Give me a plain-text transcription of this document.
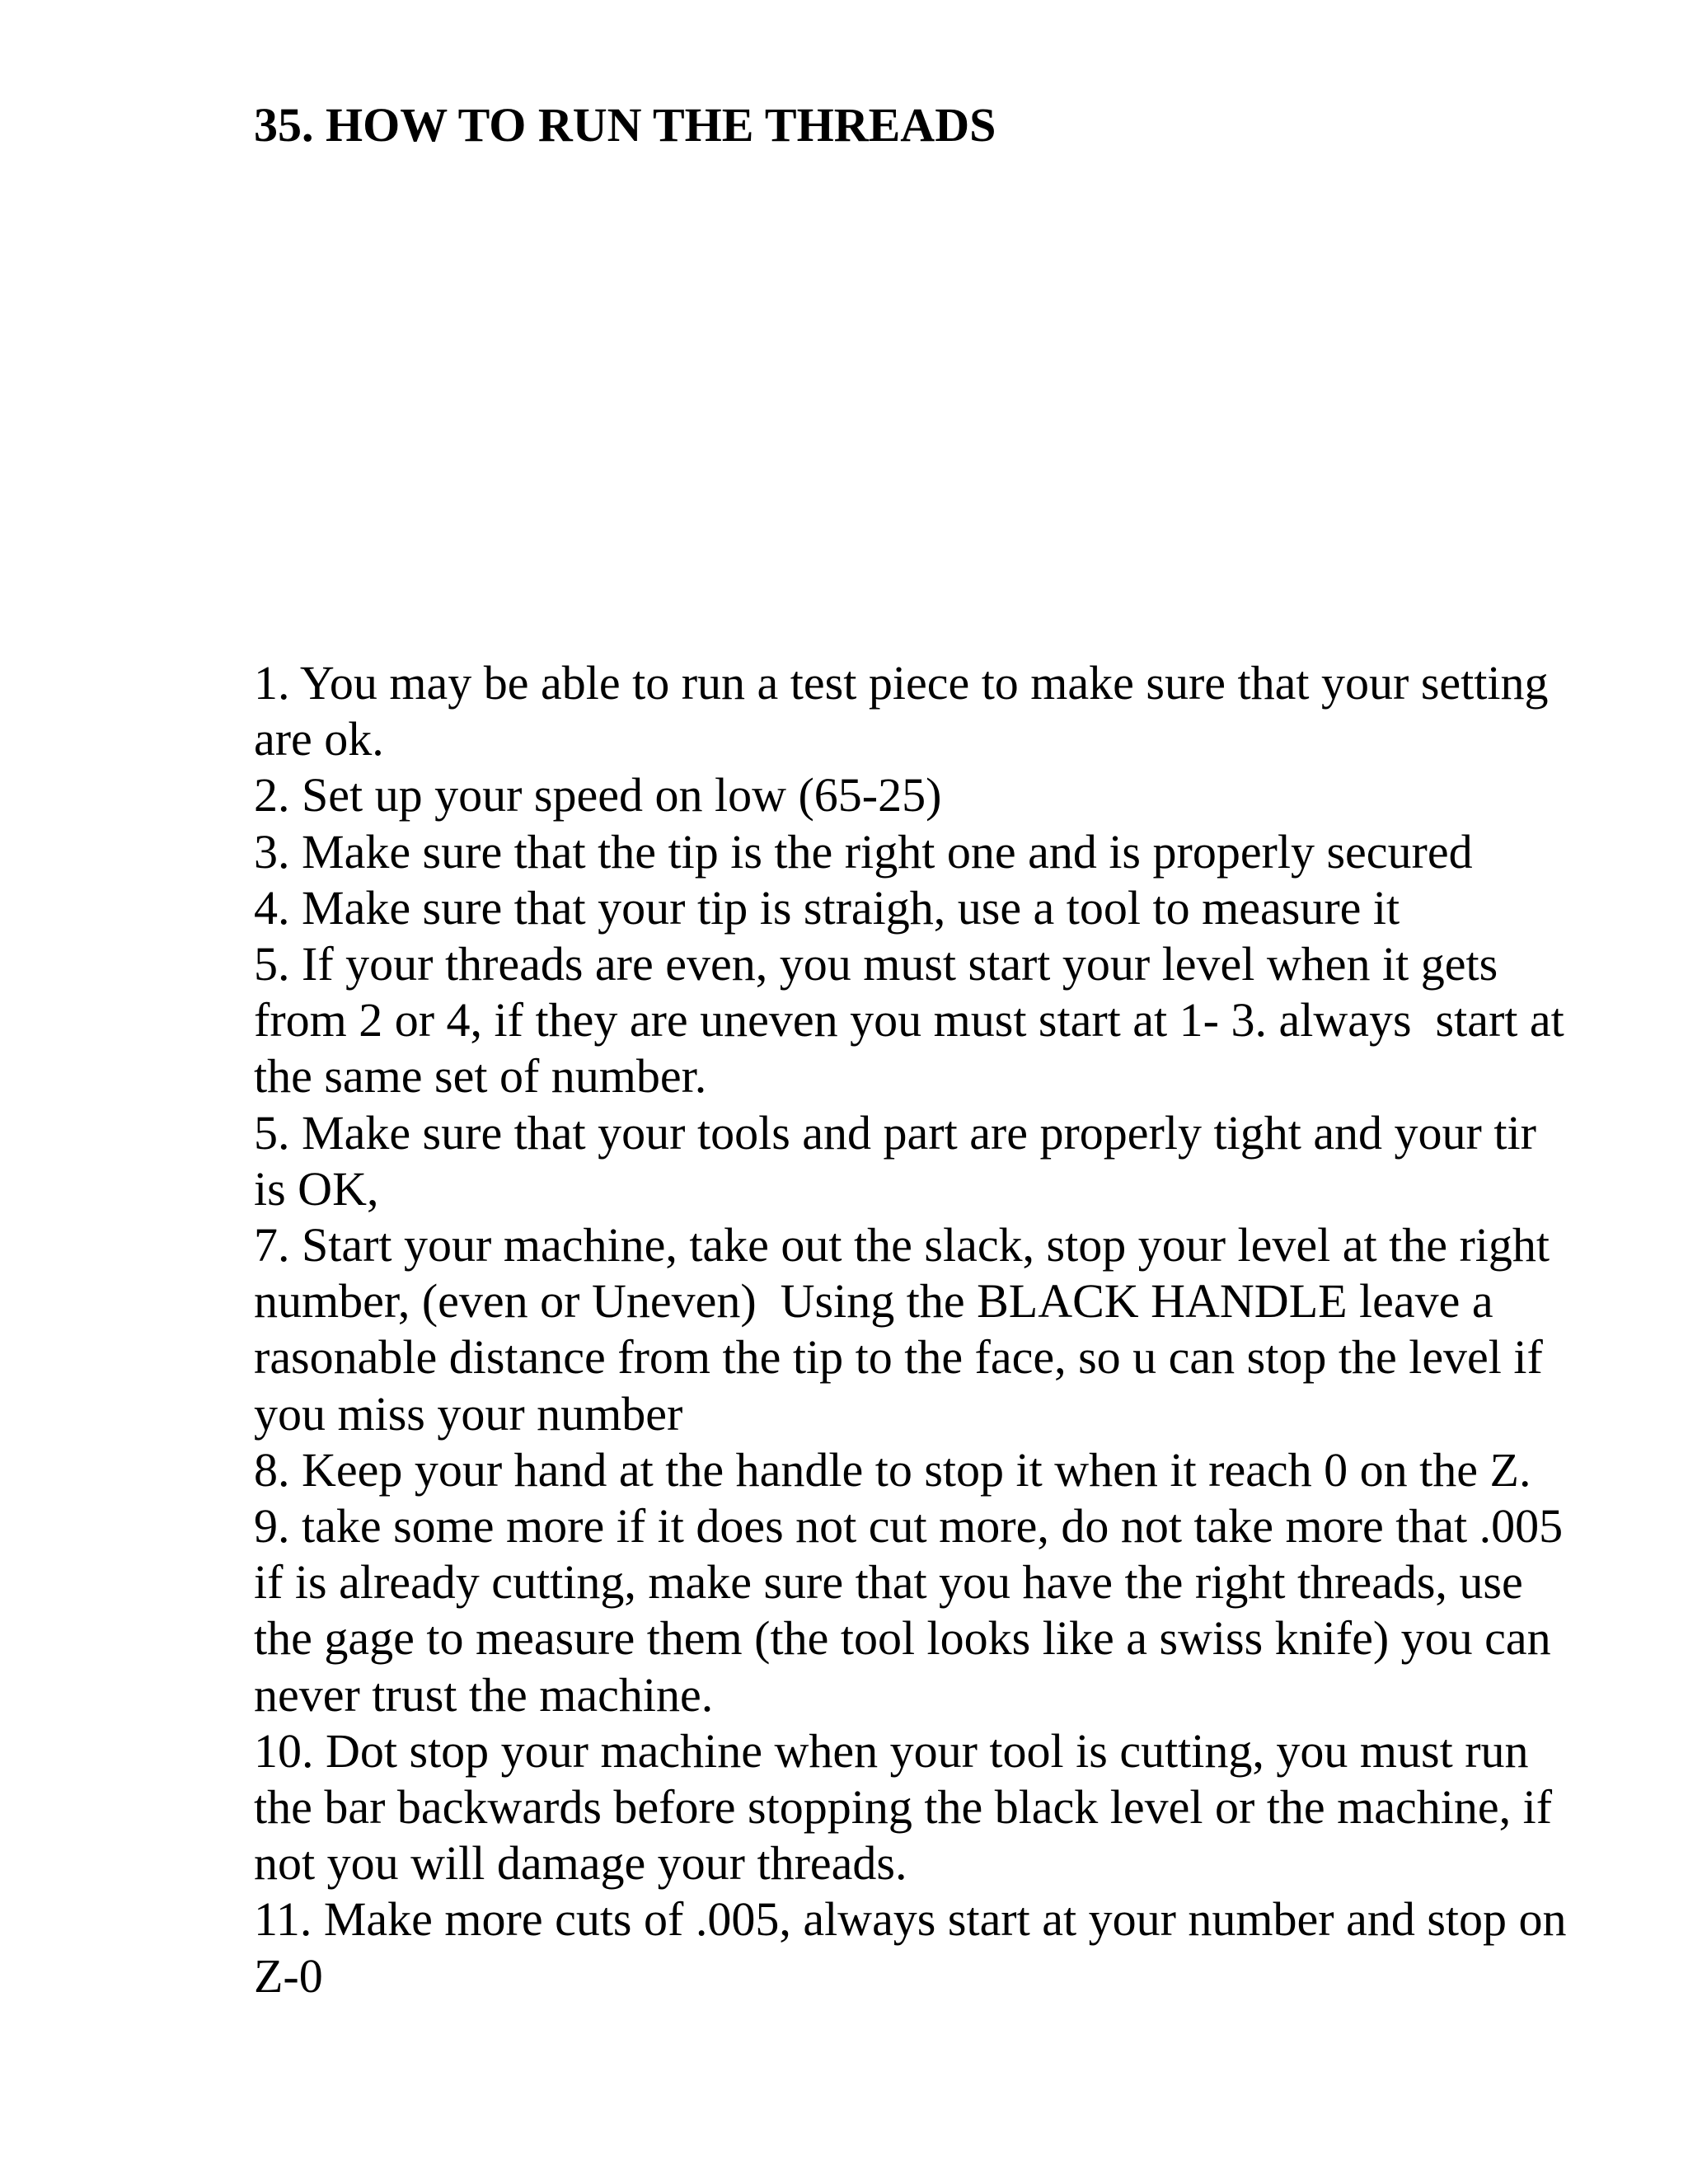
35. HOW TO RUN THE THREADS
1. You may be able to run a test piece to make sure that your setting
are ok.
2. Set up your speed on low (65-25)
3. Make sure that the tip is the right one and is properly secured
4. Make sure that your tip is straigh, use a tool to measure it
5. If your threads are even, you must start your level when it gets
from 2 or 4, if they are uneven you must start at 1- 3. always  start at
the same set of number.
5. Make sure that your tools and part are properly tight and your tir
is OK,
7. Start your machine, take out the slack, stop your level at the right
number, (even or Uneven)  Using the BLACK HANDLE leave a
rasonable distance from the tip to the face, so u can stop the level if
you miss your number
8. Keep your hand at the handle to stop it when it reach 0 on the Z.
9. take some more if it does not cut more, do not take more that .005
if is already cutting, make sure that you have the right threads, use
the gage to measure them (the tool looks like a swiss knife) you can
never trust the machine.
10. Dot stop your machine when your tool is cutting, you must run
the bar backwards before stopping the black level or the machine, if
not you will damage your threads.
11. Make more cuts of .005, always start at your number and stop on
Z-0
